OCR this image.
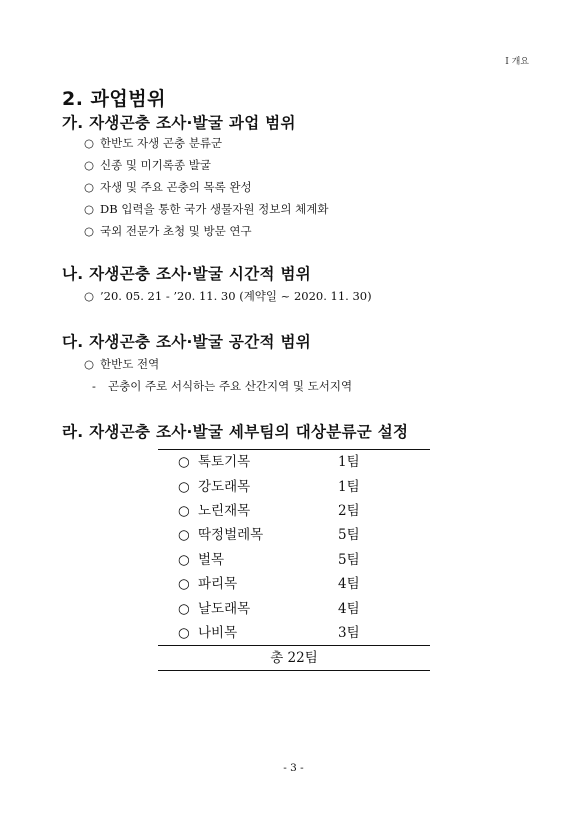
Ⅰ 개요
2. 과업범위
가. 자생곤충 조사·발굴 과업 범위
○ 한반도 자생 곤충 분류군
○ 신종 및 미기록종 발굴
○ 자생 및 주요 곤충의 목록 완성
○ DB 입력을 통한 국가 생물자원 정보의 체계화
○ 국외 전문가 초청 및 방문 연구
나. 자생곤충 조사·발굴 시간적 범위
○ ’20. 05. 21 - ’20. 11. 30 (계약일 ~ 2020. 11. 30)
다. 자생곤충 조사·발굴 공간적 범위
○ 한반도 전역
- 곤충이 주로 서식하는 주요 산간지역 및 도서지역
라. 자생곤충 조사·발굴 세부팀의 대상분류군 설정
○ 톡토기목	1팀
○ 강도래목	1팀
○ 노린재목	2팀
○ 딱정벌레목	5팀
○ 벌목	5팀
○ 파리목	4팀
○ 날도래목	4팀
○ 나비목	3팀
총 22팀	
- 3 -
